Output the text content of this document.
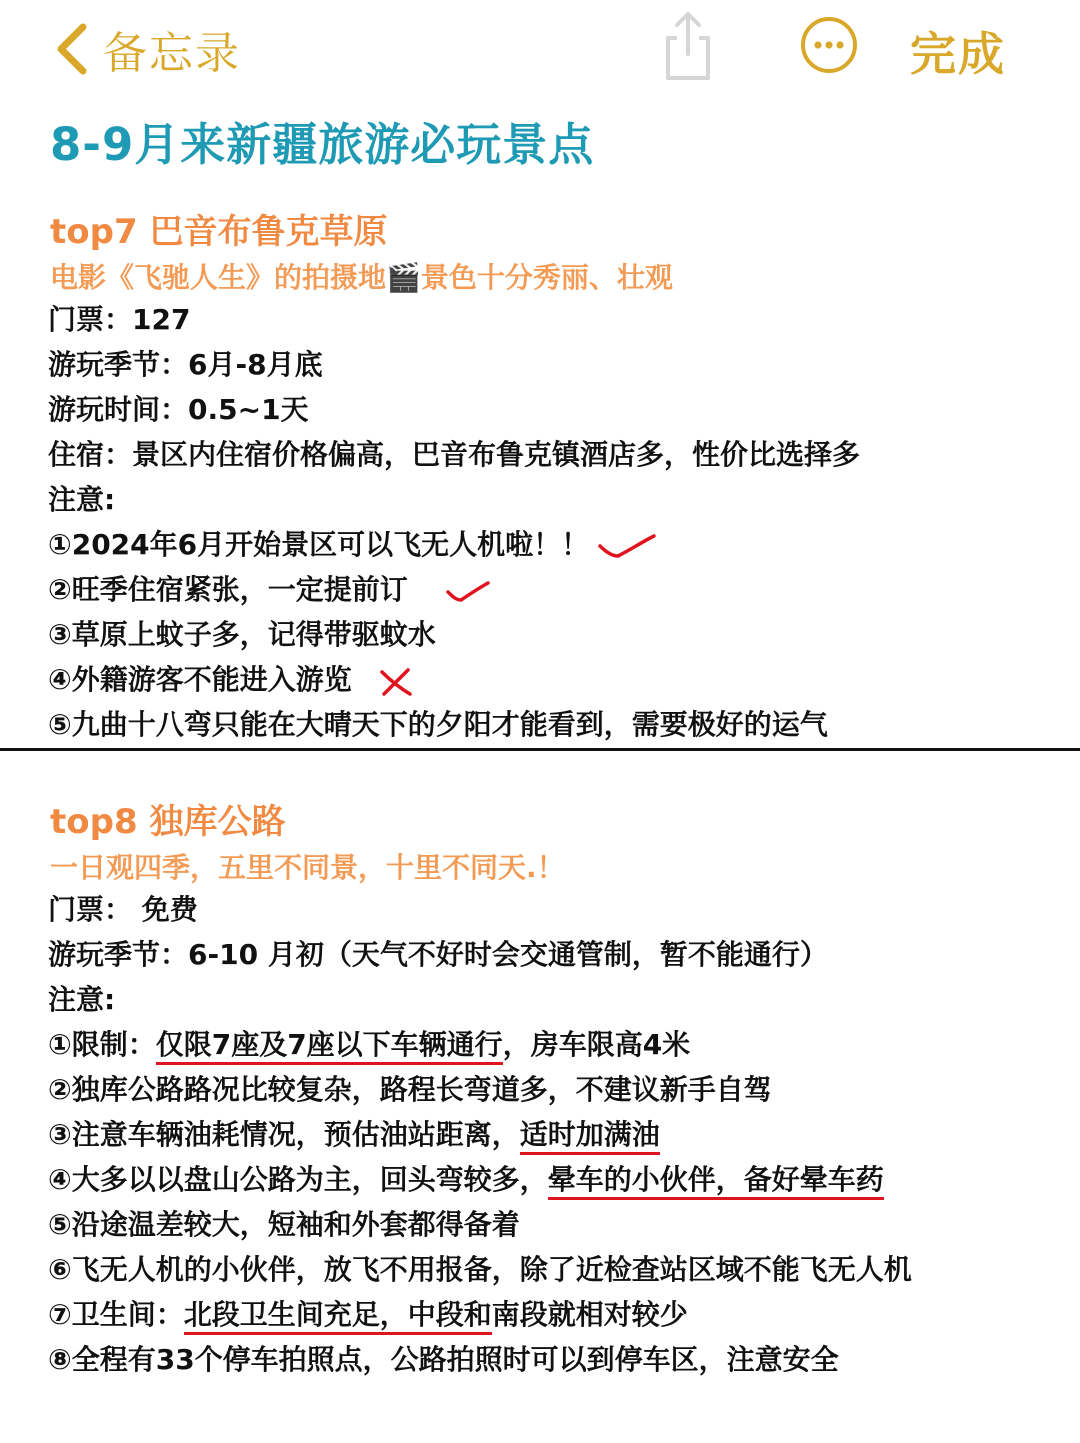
备忘录	完成
8-9月来新疆旅游必玩景点
top7 巴音布鲁克草原
电影《飞驰人生》的拍摄地🎬景色十分秀丽、壮观
门票：127
游玩季节：6月-8月底
游玩时间：0.5~1天
住宿：景区内住宿价格偏高，巴音布鲁克镇酒店多，性价比选择多
注意:
①2024年6月开始景区可以飞无人机啦！！
②旺季住宿紧张，一定提前订
③草原上蚊子多，记得带驱蚊水
④外籍游客不能进入游览
⑤九曲十八弯只能在大晴天下的夕阳才能看到，需要极好的运气
top8 独库公路
一日观四季，五里不同景，十里不同天.！
门票： 免费
游玩季节：6-10 月初（天气不好时会交通管制，暂不能通行）
注意:
①限制：仅限7座及7座以下车辆通行，房车限高4米
②独库公路路况比较复杂，路程长弯道多，不建议新手自驾
③注意车辆油耗情况，预估油站距离，适时加满油
④大多以以盘山公路为主，回头弯较多，晕车的小伙伴，备好晕车药
⑤沿途温差较大，短袖和外套都得备着
⑥飞无人机的小伙伴，放飞不用报备，除了近检查站区域不能飞无人机
⑦卫生间：北段卫生间充足，中段和南段就相对较少
⑧全程有33个停车拍照点，公路拍照时可以到停车区，注意安全
